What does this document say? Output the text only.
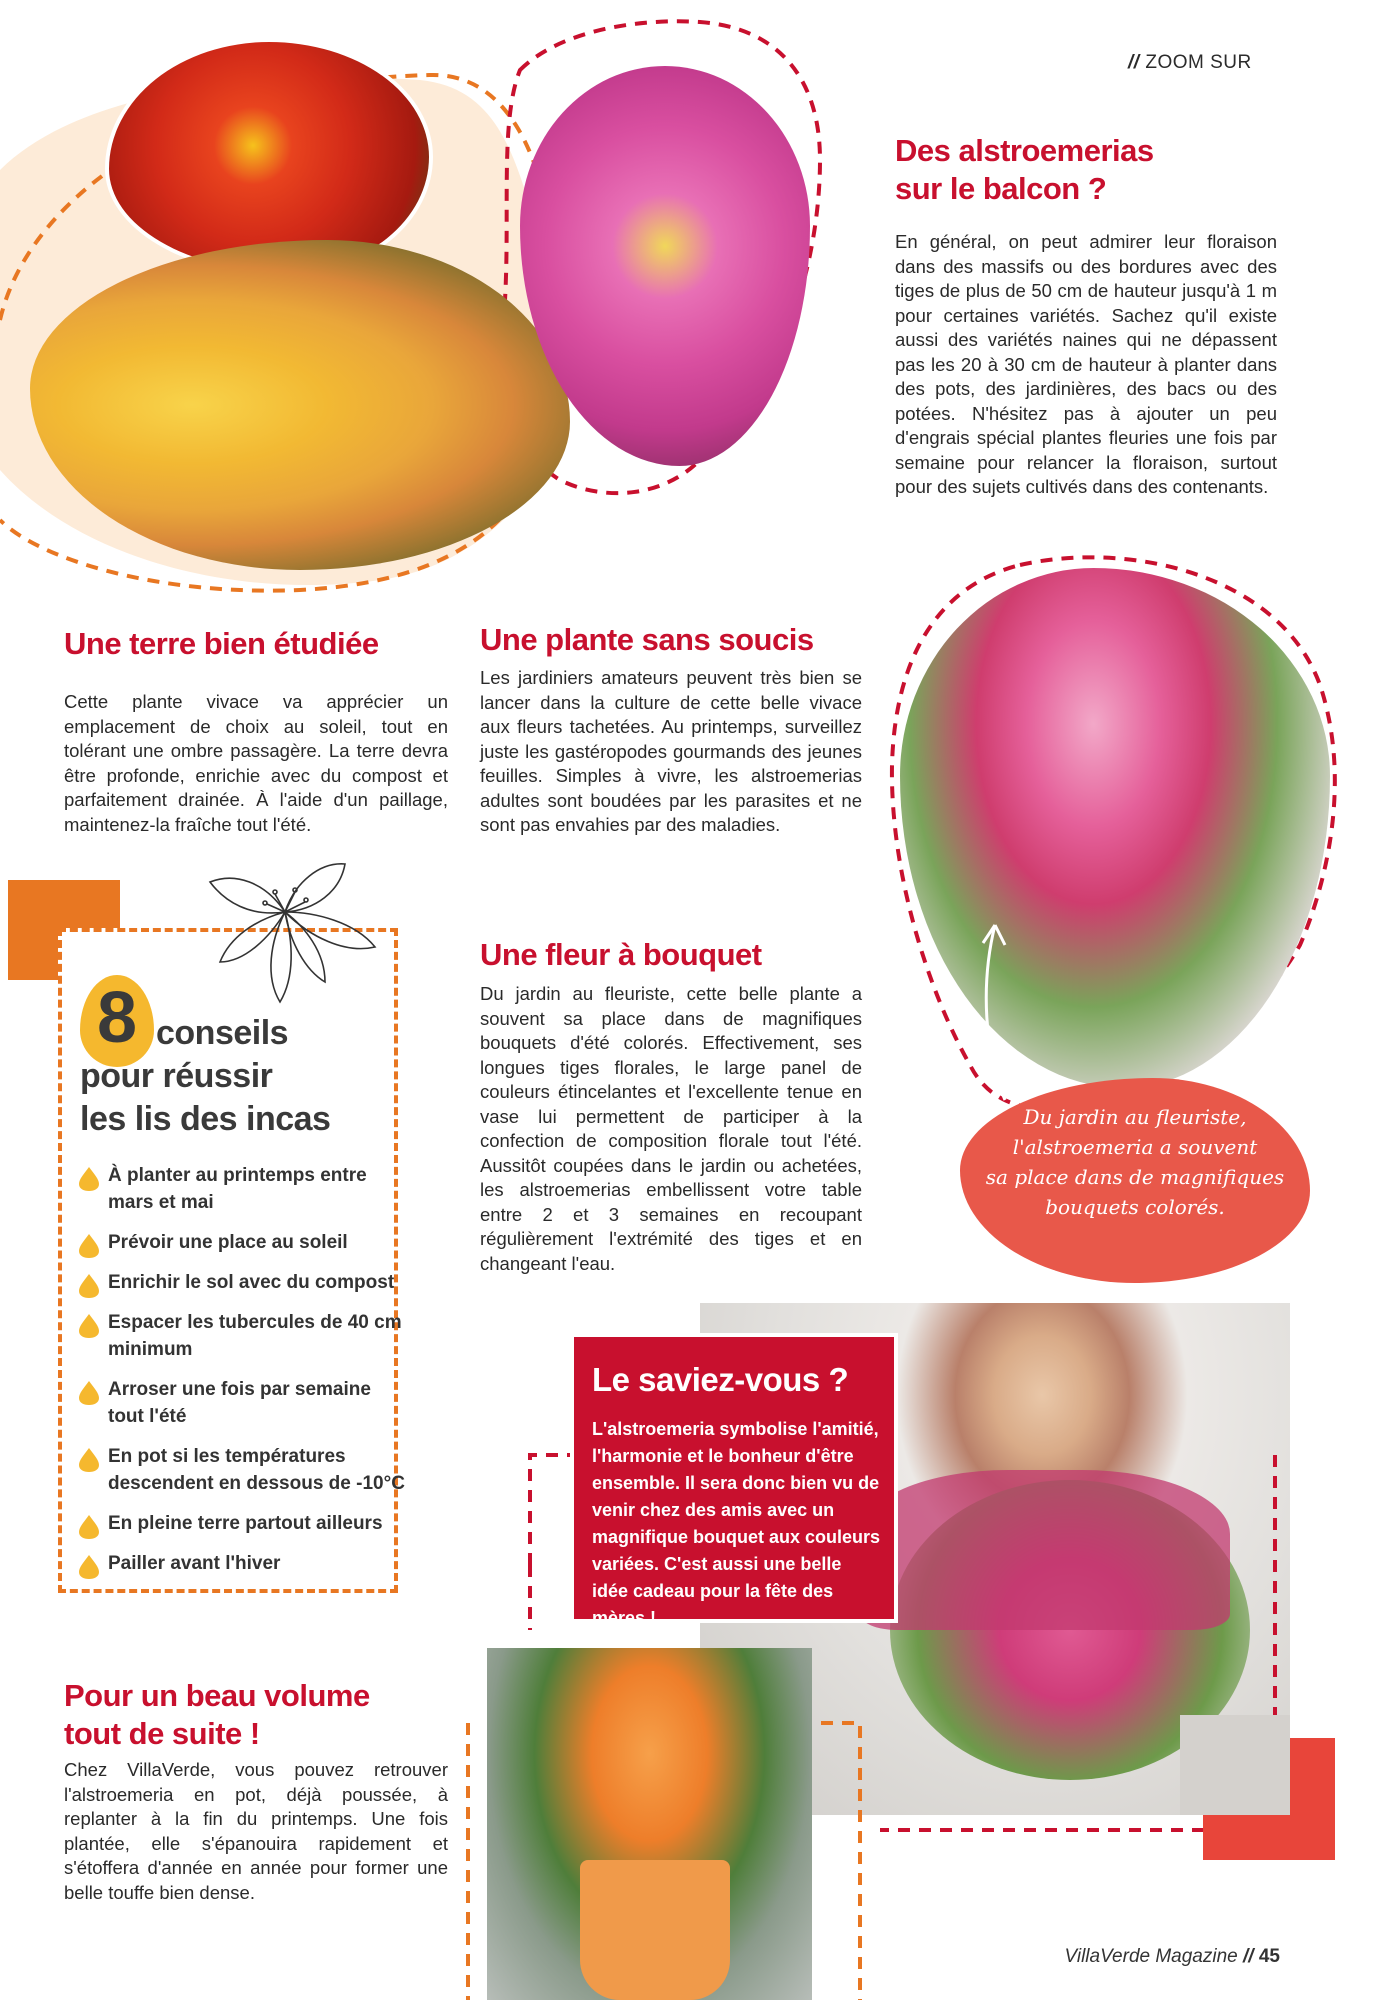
// ZOOM SUR
Des alstroemerias
sur le balcon ?
En général, on peut admirer leur floraison dans des massifs ou des bordures avec des tiges de plus de 50 cm de hauteur jusqu'à 1 m pour certaines variétés. Sachez qu'il existe aussi des variétés naines qui ne dépassent pas les 20 à 30 cm de hauteur à planter dans des pots, des jardinières, des bacs ou des potées. N'hésitez pas à ajouter un peu d'engrais spécial plantes fleuries une fois par semaine pour relancer la floraison, surtout pour des sujets cultivés dans des contenants.
Une terre bien étudiée
Cette plante vivace va apprécier un emplacement de choix au soleil, tout en tolérant une ombre passagère. La terre devra être profonde, enrichie avec du compost et parfaitement drainée. À l'aide d'un paillage, maintenez-la fraîche tout l'été.
Une plante sans soucis
Les jardiniers amateurs peuvent très bien se lancer dans la culture de cette belle vivace aux fleurs tachetées. Au printemps, surveillez juste les gastéropodes gourmands des jeunes feuilles. Simples à vivre, les alstroemerias adultes sont boudées par les parasites et ne sont pas envahies par des maladies.
Une fleur à bouquet
Du jardin au fleuriste, cette belle plante a souvent sa place dans de magnifiques bouquets d'été colorés. Effectivement, ses longues tiges florales, le large panel de couleurs étincelantes et l'excellente tenue en vase lui permettent de participer à la confection de composition florale tout l'été. Aussitôt coupées dans le jardin ou achetées, les alstroemerias embellissent votre table entre 2 et 3 semaines en recoupant régulièrement l'extrémité des tiges et en changeant l'eau.
Du jardin au fleuriste,
l'alstroemeria a souvent
sa place dans de magnifiques
bouquets colorés.
8 conseils
pour réussir
les lis des incas
À planter au printemps entre
mars et mai
Prévoir une place au soleil
Enrichir le sol avec du compost
Espacer les tubercules de 40 cm
minimum
Arroser une fois par semaine
tout l'été
En pot si les températures
descendent en dessous de -10°C
En pleine terre partout ailleurs
Pailler avant l'hiver
Le saviez-vous ?
L'alstroemeria symbolise l'amitié, l'harmonie et le bonheur d'être ensemble. Il sera donc bien vu de venir chez des amis avec un magnifique bouquet aux couleurs variées. C'est aussi une belle idée cadeau pour la fête des mères !
Pour un beau volume
tout de suite !
Chez VillaVerde, vous pouvez retrouver l'alstroemeria en pot, déjà poussée, à replanter à la fin du printemps. Une fois plantée, elle s'épanouira rapidement et s'étoffera d'année en année pour former une belle touffe bien dense.
VillaVerde Magazine // 45
